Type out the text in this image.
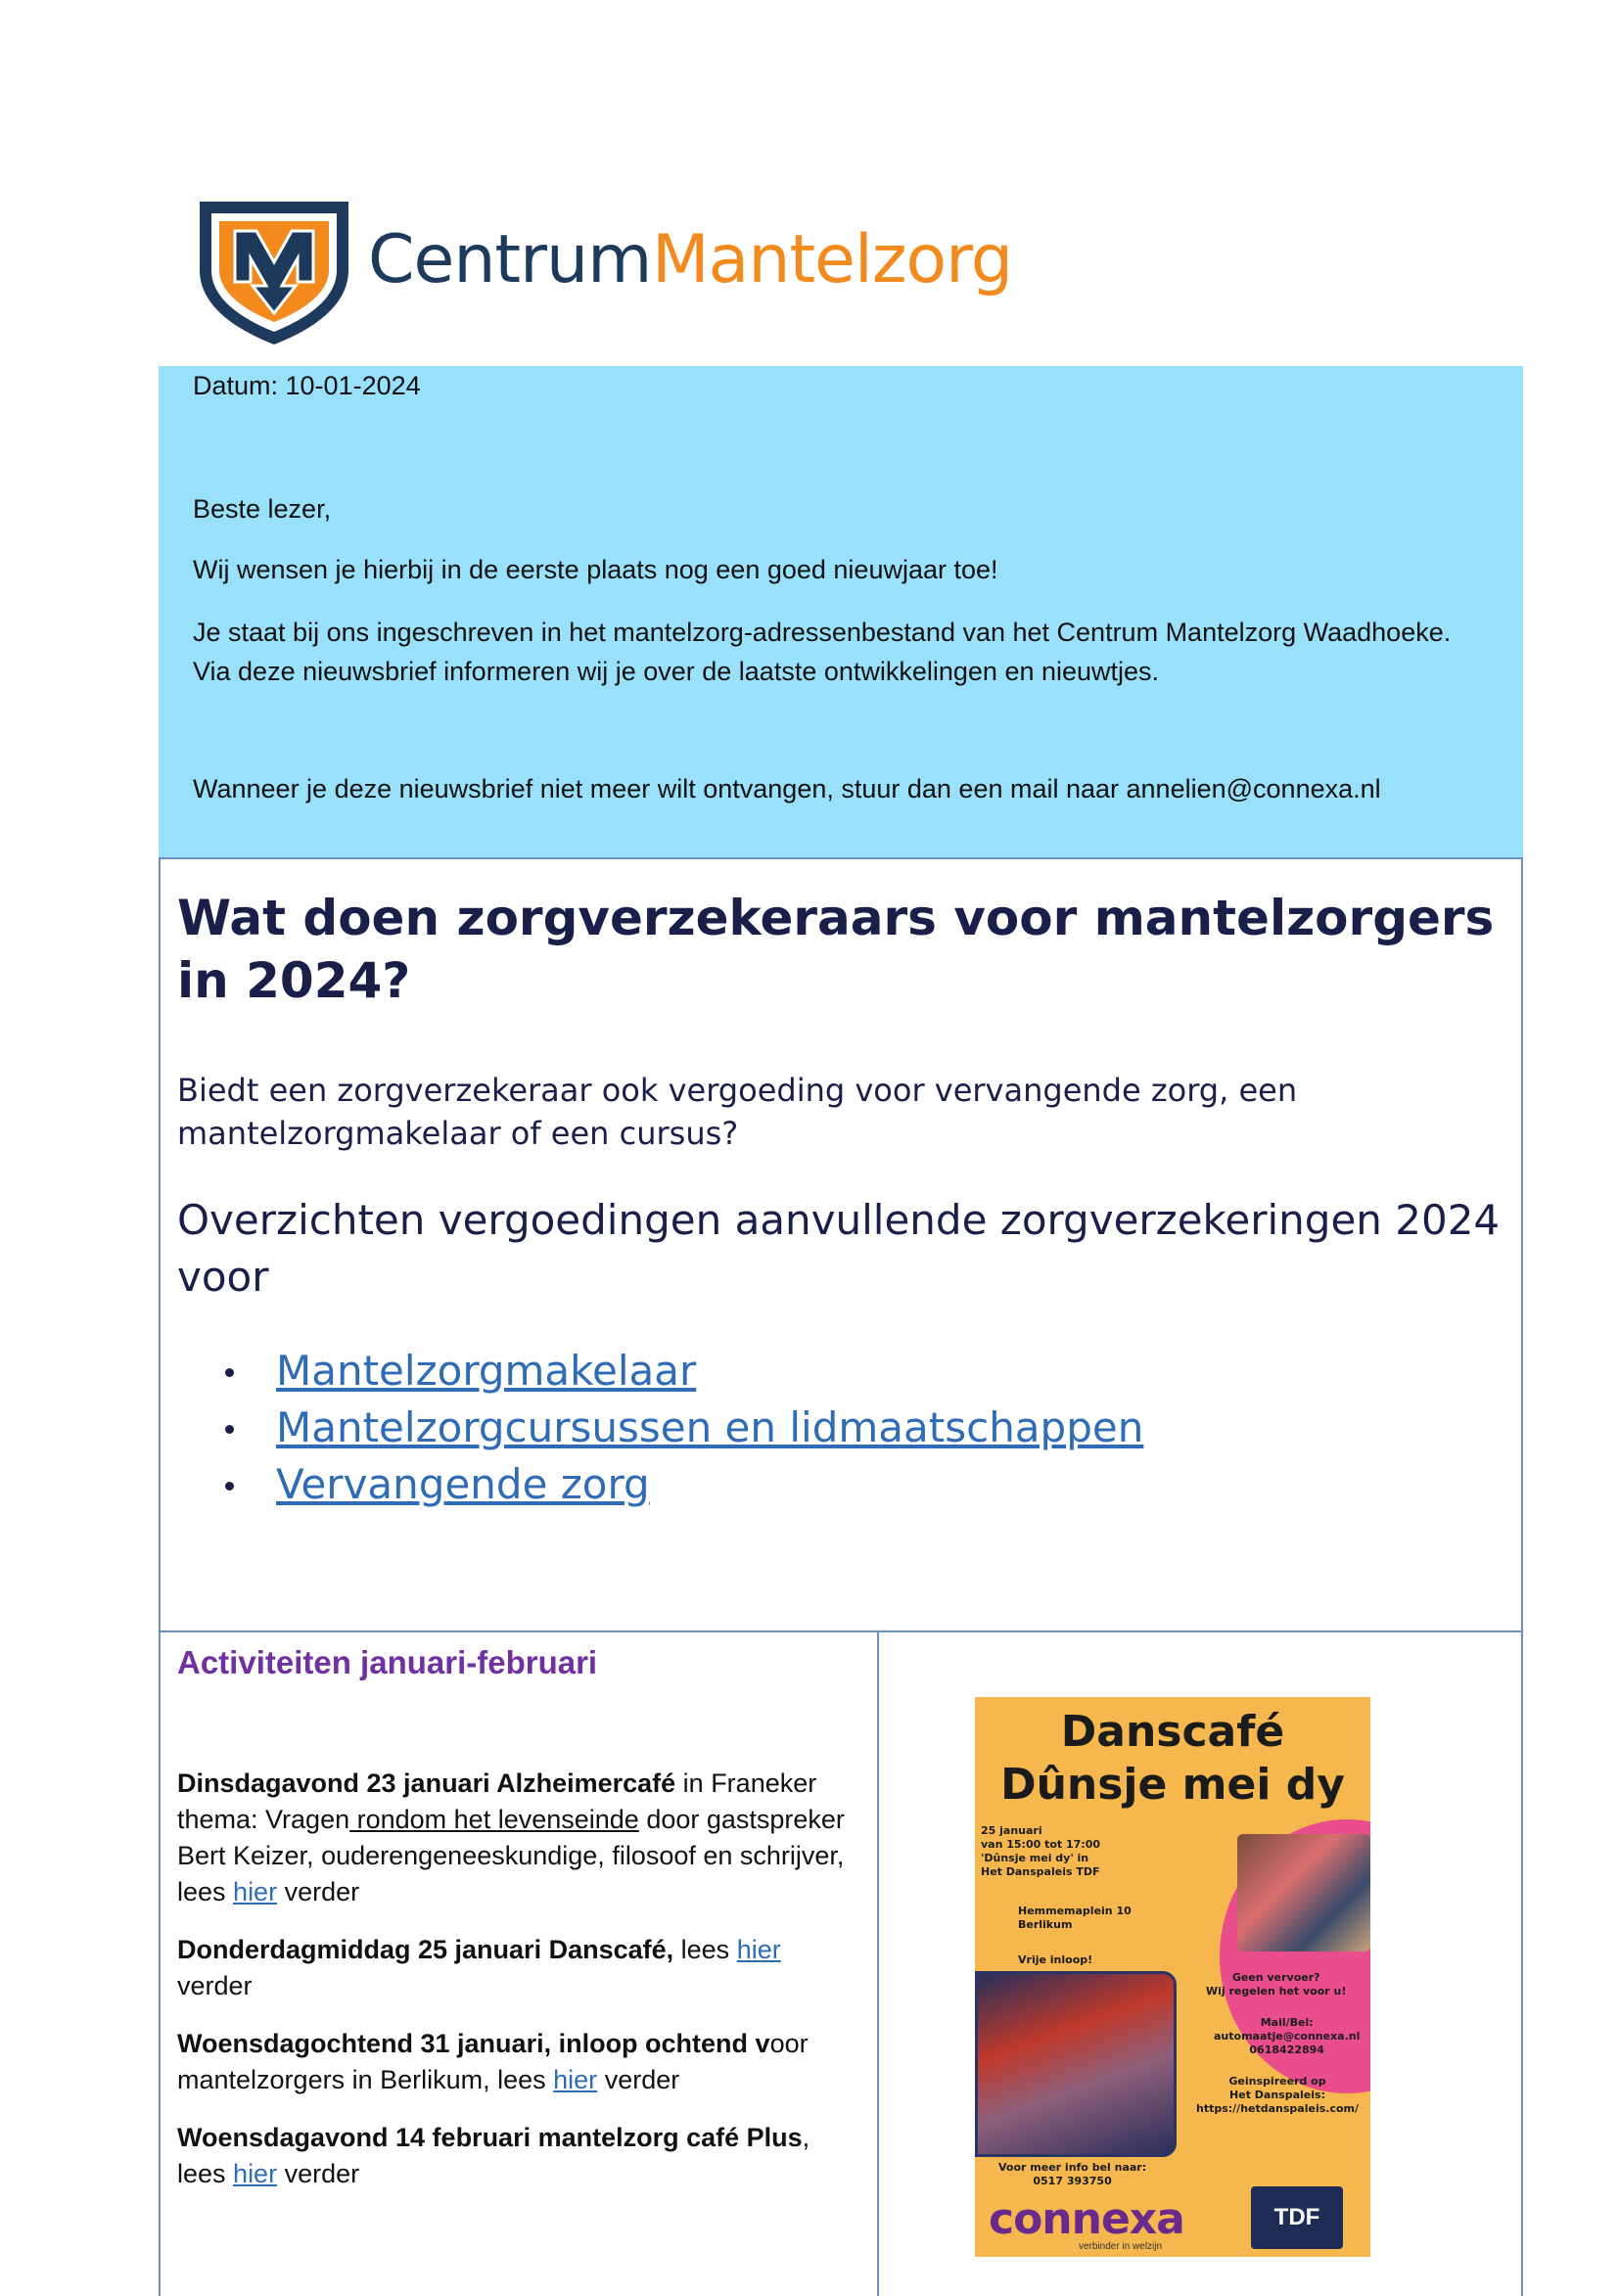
Centrum Mantelzorg

Datum: 10-01-2024

Beste lezer,

Wij wensen je hierbij in de eerste plaats nog een goed nieuwjaar toe!

Je staat bij ons ingeschreven in het mantelzorg-adressenbestand van het Centrum Mantelzorg Waadhoeke. Via deze nieuwsbrief informeren wij je over de laatste ontwikkelingen en nieuwtjes.

Wanneer je deze nieuwsbrief niet meer wilt ontvangen, stuur dan een mail naar annelien@connexa.nl

Wat doen zorgverzekeraars voor mantelzorgers in 2024?

Biedt een zorgverzekeraar ook vergoeding voor vervangende zorg, een mantelzorgmakelaar of een cursus?

Overzichten vergoedingen aanvullende zorgverzekeringen 2024 voor

Mantelzorgmakelaar
Mantelzorgcursussen en lidmaatschappen
Vervangende zorg
Activiteiten januari-februari

Dinsdagavond 23 januari Alzheimercafé in Franeker thema: Vragen rondom het levenseinde door gastspreker Bert Keizer, ouderengeneeskundige, filosoof en schrijver, lees hier verder

Donderdagmiddag 25 januari Danscafé, lees hier verder

Woensdagochtend 31 januari, inloop ochtend voor mantelzorgers in Berlikum, lees hier verder

Woensdagavond 14 februari mantelzorg café Plus, lees hier verder

Danscafé
Dûnsje mei dy
25 januari
van 15:00 tot 17:00
'Dûnsje mei dy' in
Het Danspaleis TDF
Hemmemaplein 10
Berlikum
Vrije inloop!
Geen vervoer?
Wij regelen het voor u!
Mail/Bel:
automaatje@connexa.nl
0618422894
Geinspireerd op
Het Danspaleis:
https://hetdanspaleis.com/
Voor meer info bel naar:
0517 393750
connexa
verbinder in welzijn
TDF
